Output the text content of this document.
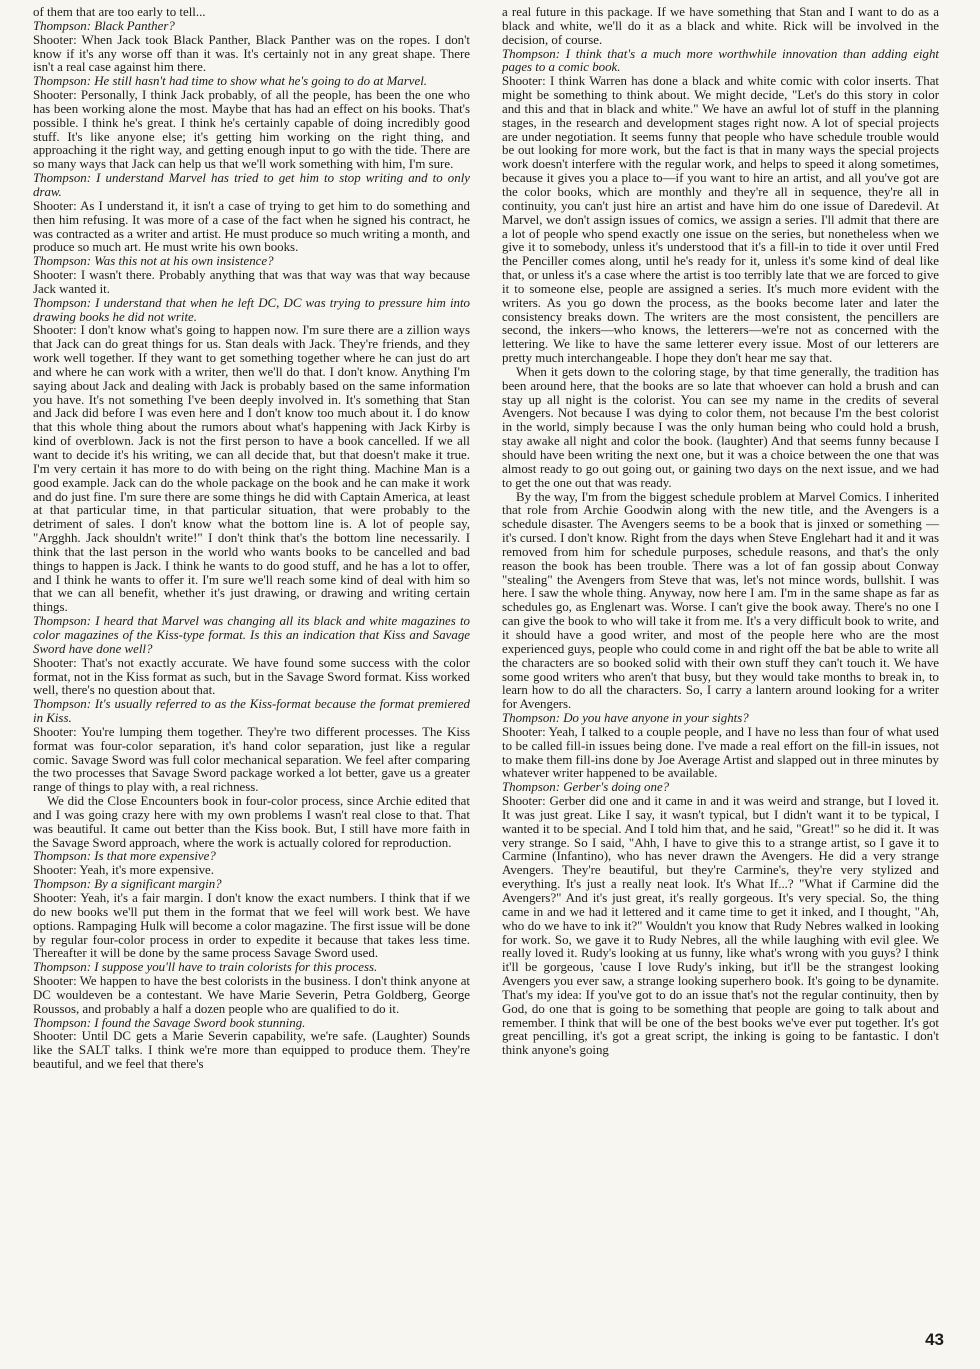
of them that are too early to tell...

Thompson: Black Panther?

Shooter: When Jack took Black Panther, Black Panther was on the ropes. I don't know if it's any worse off than it was. It's certainly not in any great shape. There isn't a real case against him there.

Thompson: He still hasn't had time to show what he's going to do at Marvel.

Shooter: Personally, I think Jack probably, of all the people, has been the one who has been working alone the most. Maybe that has had an effect on his books. That's possible. I think he's great. I think he's certainly capable of doing incredibly good stuff. It's like anyone else; it's getting him working on the right thing, and approaching it the right way, and getting enough input to go with the tide. There are so many ways that Jack can help us that we'll work something with him, I'm sure.

Thompson: I understand Marvel has tried to get him to stop writing and to only draw.

Shooter: As I understand it, it isn't a case of trying to get him to do something and then him refusing. It was more of a case of the fact when he signed his contract, he was contracted as a writer and artist. He must produce so much writing a month, and produce so much art. He must write his own books.

Thompson: Was this not at his own insistence?

Shooter: I wasn't there. Probably anything that was that way was that way because Jack wanted it.

Thompson: I understand that when he left DC, DC was trying to pressure him into drawing books he did not write.

Shooter: I don't know what's going to happen now. I'm sure there are a zillion ways that Jack can do great things for us. Stan deals with Jack. They're friends, and they work well together. If they want to get something together where he can just do art and where he can work with a writer, then we'll do that. I don't know. Anything I'm saying about Jack and dealing with Jack is probably based on the same information you have. It's not something I've been deeply involved in. It's something that Stan and Jack did before I was even here and I don't know too much about it. I do know that this whole thing about the rumors about what's happening with Jack Kirby is kind of overblown. Jack is not the first person to have a book cancelled. If we all want to decide it's his writing, we can all decide that, but that doesn't make it true. I'm very certain it has more to do with being on the right thing. Machine Man is a good example. Jack can do the whole package on the book and he can make it work and do just fine. I'm sure there are some things he did with Captain America, at least at that particular time, in that particular situation, that were probably to the detriment of sales. I don't know what the bottom line is. A lot of people say, "Argghh. Jack shouldn't write!" I don't think that's the bottom line necessarily. I think that the last person in the world who wants books to be cancelled and bad things to happen is Jack. I think he wants to do good stuff, and he has a lot to offer, and I think he wants to offer it. I'm sure we'll reach some kind of deal with him so that we can all benefit, whether it's just drawing, or drawing and writing certain things.

Thompson: I heard that Marvel was changing all its black and white magazines to color magazines of the Kiss-type format. Is this an indication that Kiss and Savage Sword have done well?

Shooter: That's not exactly accurate. We have found some success with the color format, not in the Kiss format as such, but in the Savage Sword format. Kiss worked well, there's no question about that.

Thompson: It's usually referred to as the Kiss-format because the format premiered in Kiss.

Shooter: You're lumping them together. They're two different processes. The Kiss format was four-color separation, it's hand color separation, just like a regular comic. Savage Sword was full color mechanical separation. We feel after comparing the two processes that Savage Sword package worked a lot better, gave us a greater range of things to play with, a real richness.

We did the Close Encounters book in four-color process, since Archie edited that and I was going crazy here with my own problems I wasn't real close to that. That was beautiful. It came out better than the Kiss book. But, I still have more faith in the Savage Sword approach, where the work is actually colored for reproduction.

Thompson: Is that more expensive?

Shooter: Yeah, it's more expensive.

Thompson: By a significant margin?

Shooter: Yeah, it's a fair margin. I don't know the exact numbers. I think that if we do new books we'll put them in the format that we feel will work best. We have options. Rampaging Hulk will become a color magazine. The first issue will be done by regular four-color process in order to expedite it because that takes less time. Thereafter it will be done by the same process Savage Sword used.

Thompson: I suppose you'll have to train colorists for this process.

Shooter: We happen to have the best colorists in the business. I don't think anyone at DC wouldeven be a contestant. We have Marie Severin, Petra Goldberg, George Roussos, and probably a half a dozen people who are qualified to do it.

Thompson: I found the Savage Sword book stunning.

Shooter: Until DC gets a Marie Severin capability, we're safe. (Laughter) Sounds like the SALT talks. I think we're more than equipped to produce them. They're beautiful, and we feel that there's

a real future in this package. If we have something that Stan and I want to do as a black and white, we'll do it as a black and white. Rick will be involved in the decision, of course.

Thompson: I think that's a much more worthwhile innovation than adding eight pages to a comic book.

Shooter: I think Warren has done a black and white comic with color inserts. That might be something to think about. We might decide, "Let's do this story in color and this and that in black and white." We have an awful lot of stuff in the planning stages, in the research and development stages right now. A lot of special projects are under negotiation. It seems funny that people who have schedule trouble would be out looking for more work, but the fact is that in many ways the special projects work doesn't interfere with the regular work, and helps to speed it along sometimes, because it gives you a place to—if you want to hire an artist, and all you've got are the color books, which are monthly and they're all in sequence, they're all in continuity, you can't just hire an artist and have him do one issue of Daredevil. At Marvel, we don't assign issues of comics, we assign a series. I'll admit that there are a lot of people who spend exactly one issue on the series, but nonetheless when we give it to somebody, unless it's understood that it's a fill-in to tide it over until Fred the Penciller comes along, until he's ready for it, unless it's some kind of deal like that, or unless it's a case where the artist is too terribly late that we are forced to give it to someone else, people are assigned a series. It's much more evident with the writers. As you go down the process, as the books become later and later the consistency breaks down. The writers are the most consistent, the pencillers are second, the inkers—who knows, the letterers—we're not as concerned with the lettering. We like to have the same letterer every issue. Most of our letterers are pretty much interchangeable. I hope they don't hear me say that.

When it gets down to the coloring stage, by that time generally, the tradition has been around here, that the books are so late that whoever can hold a brush and can stay up all night is the colorist. You can see my name in the credits of several Avengers. Not because I was dying to color them, not because I'm the best colorist in the world, simply because I was the only human being who could hold a brush, stay awake all night and color the book. (laughter) And that seems funny because I should have been writing the next one, but it was a choice between the one that was almost ready to go out going out, or gaining two days on the next issue, and we had to get the one out that was ready.

By the way, I'm from the biggest schedule problem at Marvel Comics. I inherited that role from Archie Goodwin along with the new title, and the Avengers is a schedule disaster. The Avengers seems to be a book that is jinxed or something — it's cursed. I don't know. Right from the days when Steve Englehart had it and it was removed from him for schedule purposes, schedule reasons, and that's the only reason the book has been trouble. There was a lot of fan gossip about Conway "stealing" the Avengers from Steve that was, let's not mince words, bullshit. I was here. I saw the whole thing. Anyway, now here I am. I'm in the same shape as far as schedules go, as Englenart was. Worse. I can't give the book away. There's no one I can give the book to who will take it from me. It's a very difficult book to write, and it should have a good writer, and most of the people here who are the most experienced guys, people who could come in and right off the bat be able to write all the characters are so booked solid with their own stuff they can't touch it. We have some good writers who aren't that busy, but they would take months to break in, to learn how to do all the characters. So, I carry a lantern around looking for a writer for Avengers.

Thompson: Do you have anyone in your sights?

Shooter: Yeah, I talked to a couple people, and I have no less than four of what used to be called fill-in issues being done. I've made a real effort on the fill-in issues, not to make them fill-ins done by Joe Average Artist and slapped out in three minutes by whatever writer happened to be available.

Thompson: Gerber's doing one?

Shooter: Gerber did one and it came in and it was weird and strange, but I loved it. It was just great. Like I say, it wasn't typical, but I didn't want it to be typical, I wanted it to be special. And I told him that, and he said, "Great!" so he did it. It was very strange. So I said, "Ahh, I have to give this to a strange artist, so I gave it to Carmine (Infantino), who has never drawn the Avengers. He did a very strange Avengers. They're beautiful, but they're Carmine's, they're very stylized and everything. It's just a really neat look. It's What If...? "What if Carmine did the Avengers?" And it's just great, it's really gorgeous. It's very special. So, the thing came in and we had it lettered and it came time to get it inked, and I thought, "Ah, who do we have to ink it?" Wouldn't you know that Rudy Nebres walked in looking for work. So, we gave it to Rudy Nebres, all the while laughing with evil glee. We really loved it. Rudy's looking at us funny, like what's wrong with you guys? I think it'll be gorgeous, 'cause I love Rudy's inking, but it'll be the strangest looking Avengers you ever saw, a strange looking superhero book. It's going to be dynamite. That's my idea: If you've got to do an issue that's not the regular continuity, then by God, do one that is going to be something that people are going to talk about and remember. I think that will be one of the best books we've ever put together. It's got great pencilling, it's got a great script, the inking is going to be fantastic. I don't think anyone's going

43
